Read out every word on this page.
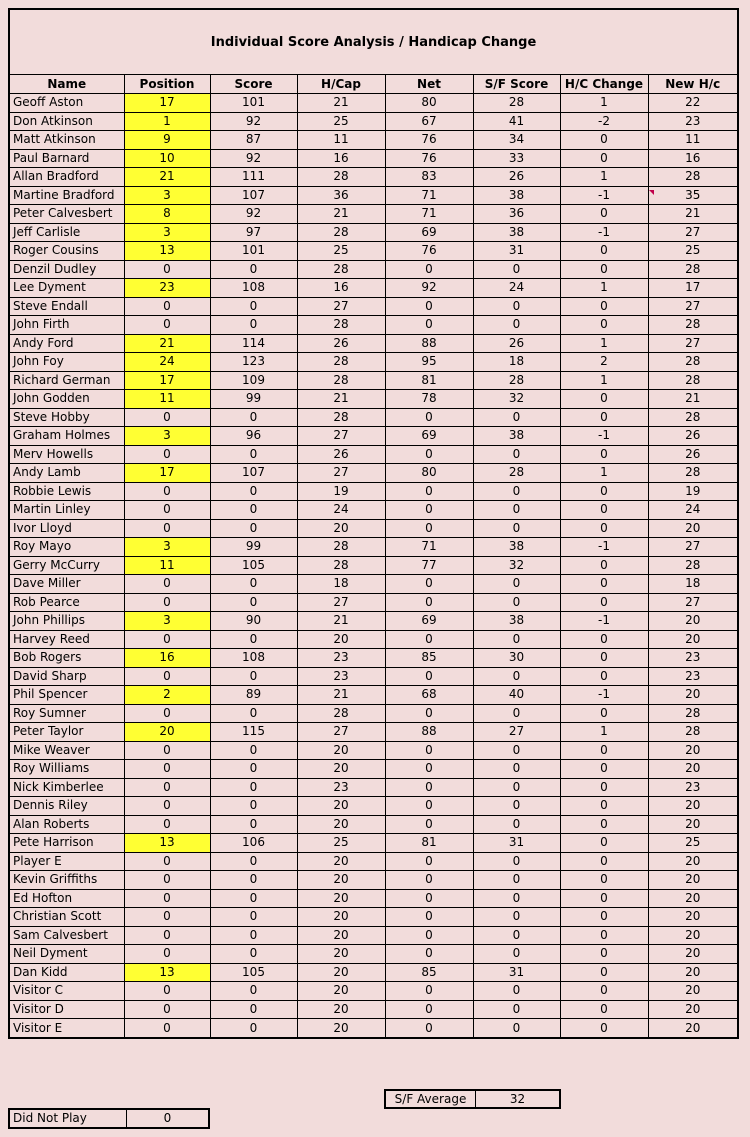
Individual Score Analysis / Handicap Change
Name	Position	Score	H/Cap	Net	S/F Score	H/C Change	New H/c
Geoff Aston	17	101	21	80	28	1	22
Don Atkinson	1	92	25	67	41	-2	23
Matt Atkinson	9	87	11	76	34	0	11
Paul Barnard	10	92	16	76	33	0	16
Allan Bradford	21	111	28	83	26	1	28
Martine Bradford	3	107	36	71	38	-1	35
Peter Calvesbert	8	92	21	71	36	0	21
Jeff Carlisle	3	97	28	69	38	-1	27
Roger Cousins	13	101	25	76	31	0	25
Denzil Dudley	0	0	28	0	0	0	28
Lee Dyment	23	108	16	92	24	1	17
Steve Endall	0	0	27	0	0	0	27
John Firth	0	0	28	0	0	0	28
Andy Ford	21	114	26	88	26	1	27
John Foy	24	123	28	95	18	2	28
Richard German	17	109	28	81	28	1	28
John Godden	11	99	21	78	32	0	21
Steve Hobby	0	0	28	0	0	0	28
Graham Holmes	3	96	27	69	38	-1	26
Merv Howells	0	0	26	0	0	0	26
Andy Lamb	17	107	27	80	28	1	28
Robbie Lewis	0	0	19	0	0	0	19
Martin Linley	0	0	24	0	0	0	24
Ivor Lloyd	0	0	20	0	0	0	20
Roy Mayo	3	99	28	71	38	-1	27
Gerry McCurry	11	105	28	77	32	0	28
Dave Miller	0	0	18	0	0	0	18
Rob Pearce	0	0	27	0	0	0	27
John Phillips	3	90	21	69	38	-1	20
Harvey Reed	0	0	20	0	0	0	20
Bob Rogers	16	108	23	85	30	0	23
David Sharp	0	0	23	0	0	0	23
Phil Spencer	2	89	21	68	40	-1	20
Roy Sumner	0	0	28	0	0	0	28
Peter Taylor	20	115	27	88	27	1	28
Mike Weaver	0	0	20	0	0	0	20
Roy Williams	0	0	20	0	0	0	20
Nick Kimberlee	0	0	23	0	0	0	23
Dennis Riley	0	0	20	0	0	0	20
Alan Roberts	0	0	20	0	0	0	20
Pete Harrison	13	106	25	81	31	0	25
Player E	0	0	20	0	0	0	20
Kevin Griffiths	0	0	20	0	0	0	20
Ed Hofton	0	0	20	0	0	0	20
Christian Scott	0	0	20	0	0	0	20
Sam Calvesbert	0	0	20	0	0	0	20
Neil Dyment	0	0	20	0	0	0	20
Dan Kidd	13	105	20	85	31	0	20
Visitor C	0	0	20	0	0	0	20
Visitor D	0	0	20	0	0	0	20
Visitor E	0	0	20	0	0	0	20
S/F Average	32
Did Not Play	0
